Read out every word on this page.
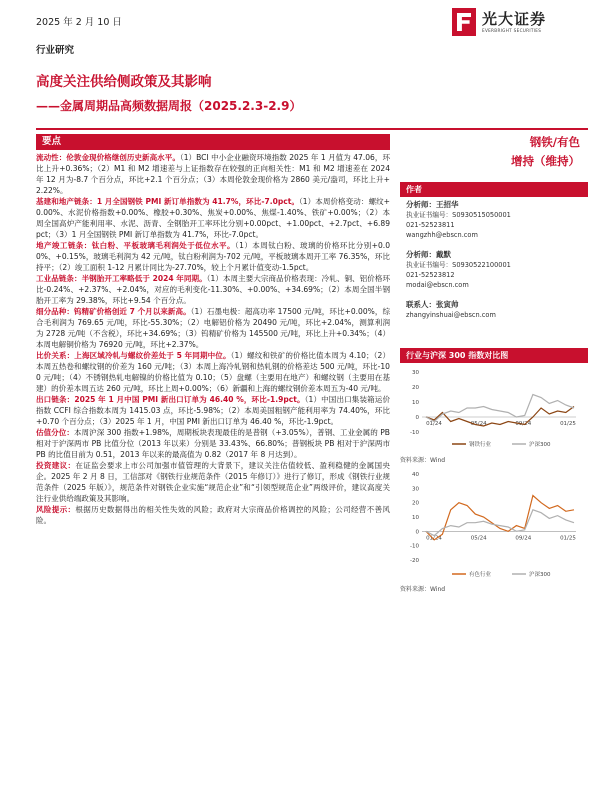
2025 年 2 月 10 日	光大证券
EVERBRIGHT SECURITIES
行业研究
高度关注供给侧政策及其影响
——金属周期品高频数据周报（2025.2.3-2.9）
要点
流动性：伦敦金现价格继创历史新高水平。（1）BCI 中小企业融资环境指数 2025 年 1 月值为 47.06，环比上升+0.36%；（2）M1 和 M2 增速差与上证指数存在较强的正向相关性：M1 和 M2 增速差在 2024 年 12 月为-8.7 个百分点，环比+2.1 个百分点；（3）本周伦敦金现价格为 2860 美元/盎司，环比上升+2.22%。
基建和地产链条：1 月全国钢铁 PMI 新订单指数为 41.7%，环比-7.0pct。（1）本周价格变动：螺纹+0.00%、水泥价格指数+0.00%、橡胶+0.30%、焦炭+0.00%、焦煤-1.40%、铁矿+0.00%；（2）本周全国高炉产能利用率、水泥、沥青、全钢胎开工率环比分别+0.00pct、+1.00pct、+2.7pct、+6.89pct；（3）1 月全国钢铁 PMI 新订单指数为 41.7%，环比-7.0pct。
地产竣工链条：钛白粉、平板玻璃毛利润处于低位水平。（1）本周钛白粉、玻璃的价格环比分别+0.00%、+0.15%，玻璃毛利润为 42 元/吨，钛白粉利润为-702 元/吨，平板玻璃本周开工率 76.35%，环比持平；（2）竣工面积 1-12 月累计同比为-27.70%，较上个月累计值变动-1.5pct。
工业品链条：半钢胎开工率略低于 2024 年同期。（1）本周主要大宗商品价格表现：冷轧、铜、铝价格环比-0.24%、+2.37%、+2.04%，对应的毛利变化-11.30%、+0.00%、+34.69%；（2）本周全国半钢胎开工率为 29.38%，环比+9.54 个百分点。
细分品种：钨精矿价格创近 7 个月以来新高。（1）石墨电极：超高功率 17500 元/吨，环比+0.00%，综合毛利润为 769.65 元/吨，环比-55.30%；（2）电解铝价格为 20490 元/吨，环比+2.04%，测算利润为 2728 元/吨（不含税），环比+34.69%；（3）钨精矿价格为 145500 元/吨，环比上升+0.34%；（4）本周电解铜价格为 76920 元/吨，环比+2.37%。
比价关系：上海区域冷轧与螺纹价差处于 5 年同期中位。（1）螺纹和铁矿的价格比值本周为 4.10；（2）本周五热卷和螺纹钢的价差为 160 元/吨；（3）本周上海冷轧钢和热轧钢的价格差达 500 元/吨，环比-100 元/吨；（4）不锈钢热轧电解镍的价格比值为 0.10；（5）盘螺（主要用在地产）和螺纹钢（主要用在基建）的价差本周五达 260 元/吨，环比上周+0.00%；（6）新疆和上海的螺纹钢价差本周五为-40 元/吨。
出口链条：2025 年 1 月中国 PMI 新出口订单为 46.40 %，环比-1.9pct。（1）中国出口集装箱运价指数 CCFI 综合指数本周为 1415.03 点，环比-5.98%；（2）本周美国粗钢产能利用率为 74.40%，环比+0.70 个百分点；（3）2025 年 1 月，中国 PMI 新出口订单为 46.40 %，环比-1.9pct。
估值分位：本周沪深 300 指数+1.98%，周期板块表现最佳的是普钢（+3.05%），普钢、工业金属的 PB 相对于沪深两市 PB 比值分位（2013 年以来）分别是 33.43%、66.80%；普钢板块 PB 相对于沪深两市 PB 的比值目前为 0.51，2013 年以来的最高值为 0.82（2017 年 8 月达到）。
投资建议：在证监会要求上市公司加强市值管理的大背景下，建议关注估值较低、盈利稳健的金属国央企。2025 年 2 月 8 日，工信部对《钢铁行业规范条件（2015 年修订）》进行了修订，形成《钢铁行业规范条件（2025 年版）》，规范条件对钢铁企业实施“规范企业”和“引领型规范企业”两级评价，建议高度关注行业供给端政策及其影响。
风险提示：根据历史数据得出的相关性失效的风险；政府对大宗商品价格调控的风险；公司经营不善风险。
钢铁/有色
增持（维持）
作者
分析师：王招华
执业证书编号：S0930515050001
021-52523811
wangzhh@ebscn.com
分析师：戴默
执业证书编号：S0930522100001
021-52523812
modai@ebscn.com
联系人：张寅帅
zhangyinshuai@ebscn.com
行业与沪深 300 指数对比图
30
20
10
0
-10
01/24	05/24	09/24	01/25
钢铁行业	沪深300
资料来源：Wind
40
30
20
10
0
-10
-20
01/24	05/24	09/24	01/25
有色行业	沪深300
资料来源：Wind
